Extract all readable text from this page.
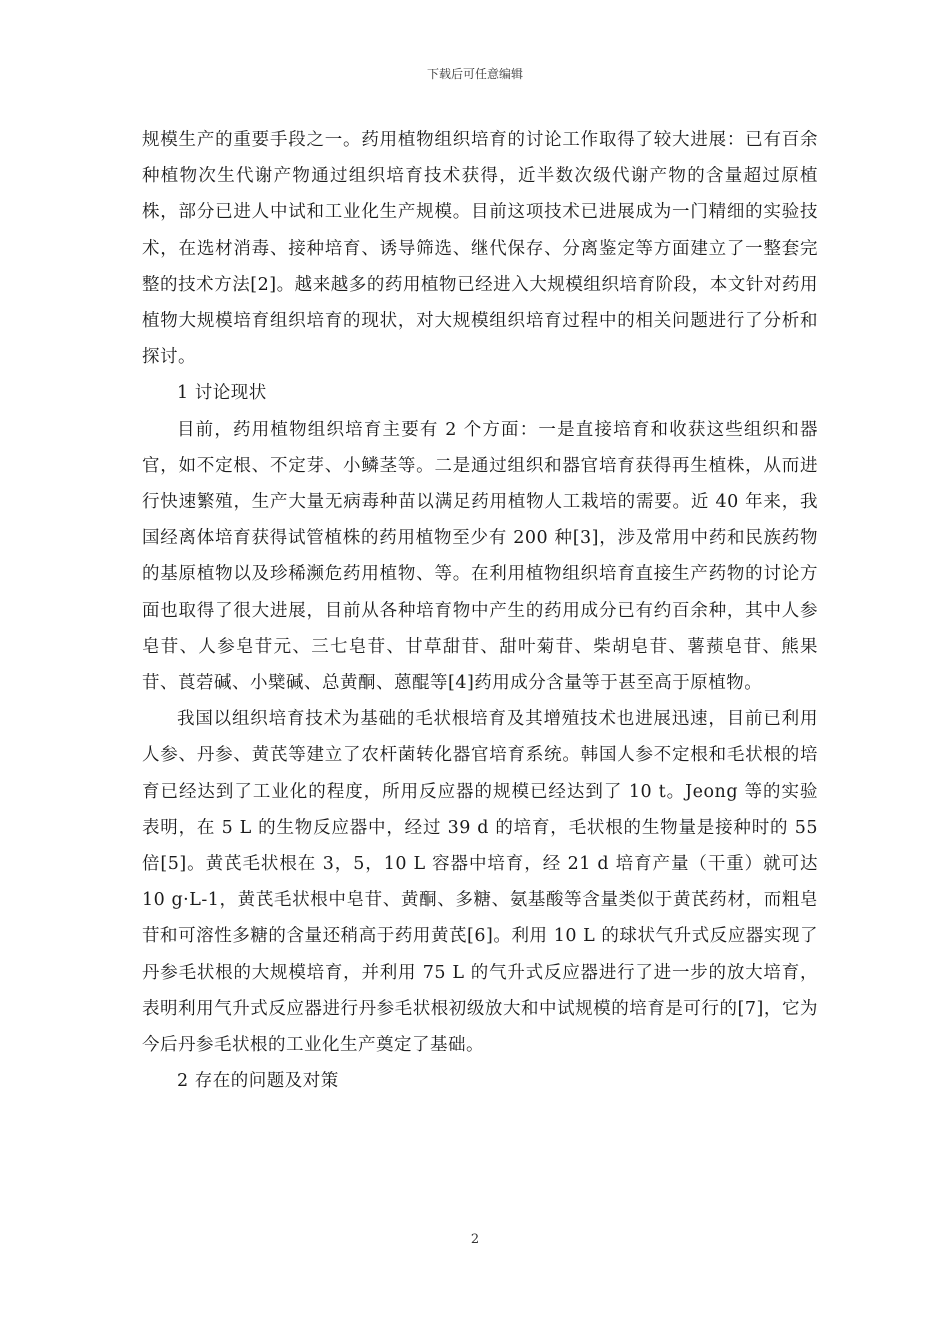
下载后可任意编辑

规模生产的重要手段之一。药用植物组织培育的讨论工作取得了较大进展：已有百余种植物次生代谢产物通过组织培育技术获得，近半数次级代谢产物的含量超过原植株，部分已进人中试和工业化生产规模。目前这项技术已进展成为一门精细的实验技术，在选材消毒、接种培育、诱导筛选、继代保存、分离鉴定等方面建立了一整套完整的技术方法[2]。越来越多的药用植物已经进入大规模组织培育阶段，本文针对药用植物大规模培育组织培育的现状，对大规模组织培育过程中的相关问题进行了分析和探讨。

1 讨论现状

目前，药用植物组织培育主要有 2 个方面：一是直接培育和收获这些组织和器官，如不定根、不定芽、小鳞茎等。二是通过组织和器官培育获得再生植株，从而进行快速繁殖，生产大量无病毒种苗以满足药用植物人工栽培的需要。近 40 年来，我国经离体培育获得试管植株的药用植物至少有 200 种[3]，涉及常用中药和民族药物的基原植物以及珍稀濒危药用植物、等。在利用植物组织培育直接生产药物的讨论方面也取得了很大进展，目前从各种培育物中产生的药用成分已有约百余种，其中人参皂苷、人参皂苷元、三七皂苷、甘草甜苷、甜叶菊苷、柴胡皂苷、薯蓣皂苷、熊果苷、莨菪碱、小檗碱、总黄酮、蒽醌等[4]药用成分含量等于甚至高于原植物。

我国以组织培育技术为基础的毛状根培育及其增殖技术也进展迅速，目前已利用人参、丹参、黄芪等建立了农杆菌转化器官培育系统。韩国人参不定根和毛状根的培育已经达到了工业化的程度，所用反应器的规模已经达到了 10 t。Jeong 等的实验表明，在 5 L 的生物反应器中，经过 39 d 的培育，毛状根的生物量是接种时的 55 倍[5]。黄芪毛状根在 3，5，10 L 容器中培育，经 21 d 培育产量（干重）就可达 10 g·L-1，黄芪毛状根中皂苷、黄酮、多糖、氨基酸等含量类似于黄芪药材，而粗皂苷和可溶性多糖的含量还稍高于药用黄芪[6]。利用 10 L 的球状气升式反应器实现了丹参毛状根的大规模培育，并利用 75 L 的气升式反应器进行了进一步的放大培育，表明利用气升式反应器进行丹参毛状根初级放大和中试规模的培育是可行的[7]，它为今后丹参毛状根的工业化生产奠定了基础。

2 存在的问题及对策

2
